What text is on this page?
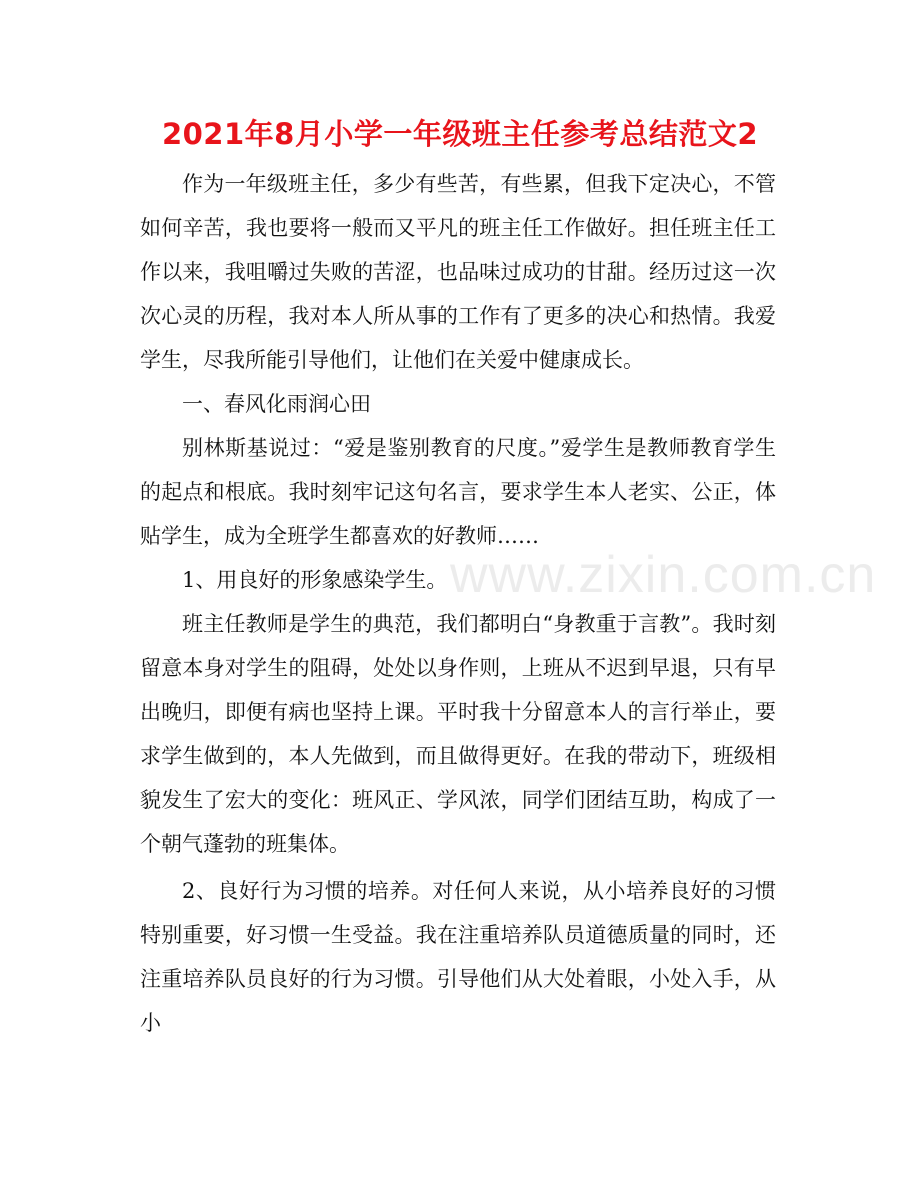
2021年8月小学一年级班主任参考总结范文2

作为一年级班主任，多少有些苦，有些累，但我下定决心，不管如何辛苦，我也要将一般而又平凡的班主任工作做好。担任班主任工作以来，我咀嚼过失败的苦涩，也品味过成功的甘甜。经历过这一次次心灵的历程，我对本人所从事的工作有了更多的决心和热情。我爱学生，尽我所能引导他们，让他们在关爱中健康成长。

一、春风化雨润心田

别林斯基说过：“爱是鉴别教育的尺度。”爱学生是教师教育学生的起点和根底。我时刻牢记这句名言，要求学生本人老实、公正，体贴学生，成为全班学生都喜欢的好教师……

1、用良好的形象感染学生。

班主任教师是学生的典范，我们都明白“身教重于言教”。我时刻留意本身对学生的阻碍，处处以身作则，上班从不迟到早退，只有早出晚归，即便有病也坚持上课。平时我十分留意本人的言行举止，要求学生做到的，本人先做到，而且做得更好。在我的带动下，班级相貌发生了宏大的变化：班风正、学风浓，同学们团结互助，构成了一个朝气蓬勃的班集体。

2、良好行为习惯的培养。对任何人来说，从小培养良好的习惯特别重要，好习惯一生受益。我在注重培养队员道德质量的同时，还注重培养队员良好的行为习惯。引导他们从大处着眼，小处入手，从小

www.zixin.com.cn
